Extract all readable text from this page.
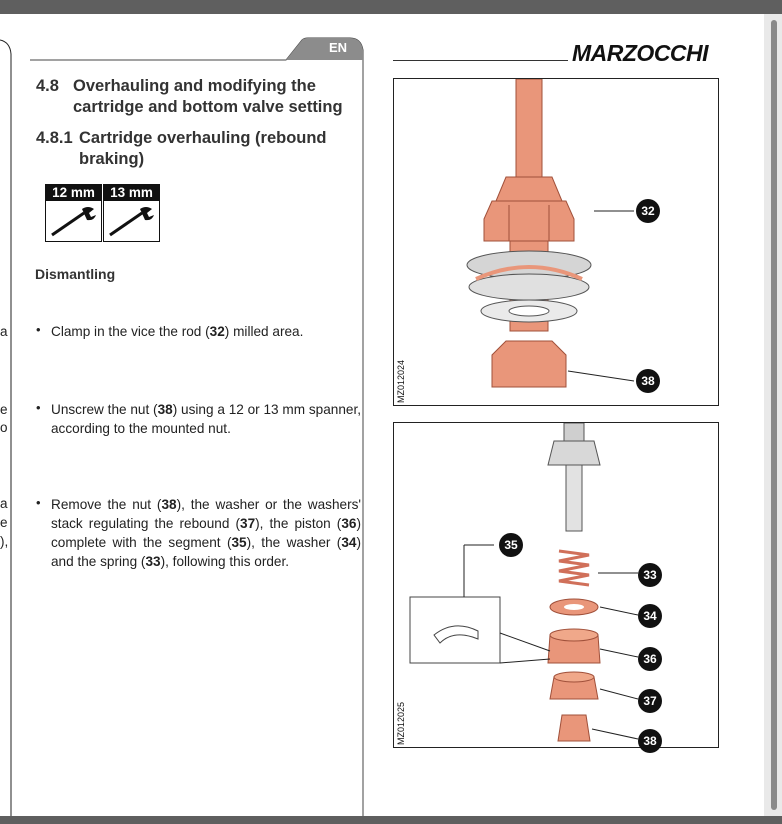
a
e
o
a
e
),
EN	MARZOCCHI
4.8 Overhauling and modifying the
cartridge and bottom valve setting
4.8.1 Cartridge overhauling (rebound
braking)
12 mm	13 mm
Dismantling
• Clamp in the vice the rod (32) milled area.
• Unscrew the nut (38) using a 12 or 13 mm spanner, according to the mounted nut.
• Remove the nut (38), the washer or the washers' stack regulating the rebound (37), the piston (36) complete with the segment (35), the washer (34) and the spring (33), following this order.
32
38
MZ012024
35
33
34
36
37
38
MZ012025
